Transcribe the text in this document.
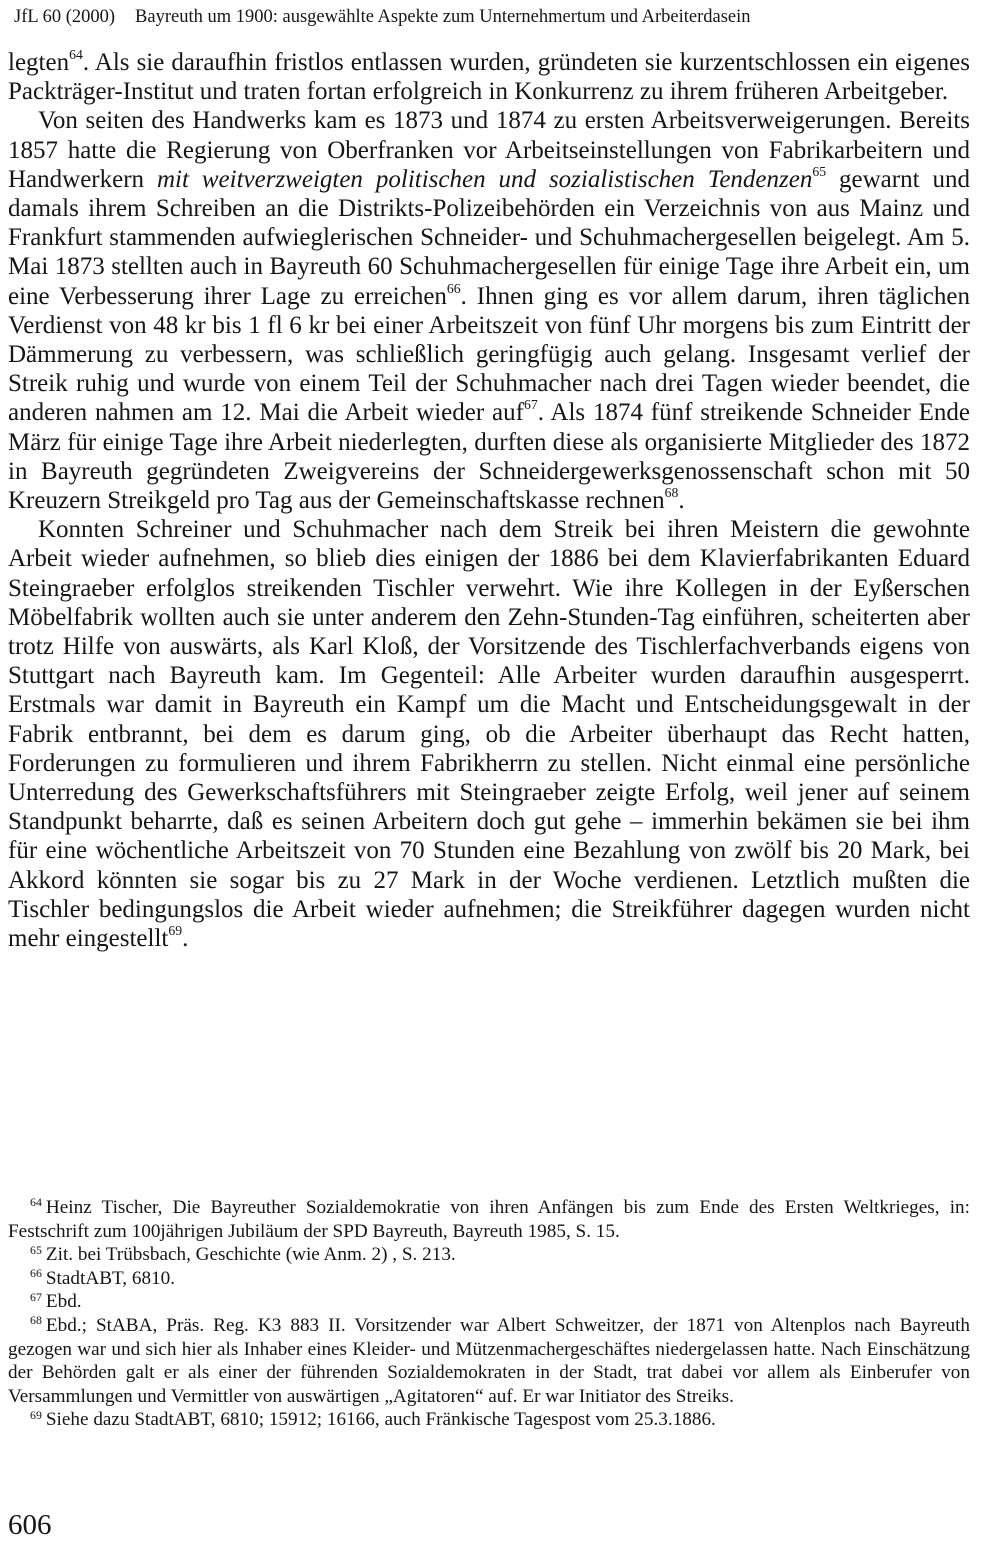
JfL 60 (2000) Bayreuth um 1900: ausgewählte Aspekte zum Unternehmertum und Arbeiterdasein

legten$^{64}$. Als sie daraufhin fristlos entlassen wurden, gründeten sie kurzentschlossen ein eigenes Packträger-Institut und traten fortan erfolgreich in Konkurrenz zu ihrem früheren Arbeitgeber.

Von seiten des Handwerks kam es 1873 und 1874 zu ersten Arbeitsverweigerungen. Bereits 1857 hatte die Regierung von Oberfranken vor Arbeitseinstellungen von Fabrikarbeitern und Handwerkern mit weitverzweigten politischen und sozialistischen Tendenzen$^{65}$ gewarnt und damals ihrem Schreiben an die Distrikts-Polizeibehörden ein Verzeichnis von aus Mainz und Frankfurt stammenden aufwieglerischen Schneider- und Schuhmachergesellen beigelegt. Am 5. Mai 1873 stellten auch in Bayreuth 60 Schuhmachergesellen für einige Tage ihre Arbeit ein, um eine Verbesserung ihrer Lage zu erreichen$^{66}$. Ihnen ging es vor allem darum, ihren täglichen Verdienst von 48 kr bis 1 fl 6 kr bei einer Arbeitszeit von fünf Uhr morgens bis zum Eintritt der Dämmerung zu verbessern, was schließlich geringfügig auch gelang. Insgesamt verlief der Streik ruhig und wurde von einem Teil der Schuhmacher nach drei Tagen wieder beendet, die anderen nahmen am 12. Mai die Arbeit wieder auf$^{67}$. Als 1874 fünf streikende Schneider Ende März für einige Tage ihre Arbeit niederlegten, durften diese als organisierte Mitglieder des 1872 in Bayreuth gegründeten Zweigvereins der Schneidergewerksgenossenschaft schon mit 50 Kreuzern Streikgeld pro Tag aus der Gemeinschaftskasse rechnen$^{68}$.

Konnten Schreiner und Schuhmacher nach dem Streik bei ihren Meistern die gewohnte Arbeit wieder aufnehmen, so blieb dies einigen der 1886 bei dem Klavierfabrikanten Eduard Steingraeber erfolglos streikenden Tischler verwehrt. Wie ihre Kollegen in der Eyßerschen Möbelfabrik wollten auch sie unter anderem den Zehn-Stunden-Tag einführen, scheiterten aber trotz Hilfe von auswärts, als Karl Kloß, der Vorsitzende des Tischlerfachverbands eigens von Stuttgart nach Bayreuth kam. Im Gegenteil: Alle Arbeiter wurden daraufhin ausgesperrt. Erstmals war damit in Bayreuth ein Kampf um die Macht und Entscheidungsgewalt in der Fabrik entbrannt, bei dem es darum ging, ob die Arbeiter überhaupt das Recht hatten, Forderungen zu formulieren und ihrem Fabrikherrn zu stellen. Nicht einmal eine persönliche Unterredung des Gewerkschaftsführers mit Steingraeber zeigte Erfolg, weil jener auf seinem Standpunkt beharrte, daß es seinen Arbeitern doch gut gehe – immerhin bekämen sie bei ihm für eine wöchentliche Arbeitszeit von 70 Stunden eine Bezahlung von zwölf bis 20 Mark, bei Akkord könnten sie sogar bis zu 27 Mark in der Woche verdienen. Letztlich mußten die Tischler bedingungslos die Arbeit wieder aufnehmen; die Streikführer dagegen wurden nicht mehr eingestellt$^{69}$.

$^{64}$ Heinz Tischer, Die Bayreuther Sozialdemokratie von ihren Anfängen bis zum Ende des Ersten Weltkrieges, in: Festschrift zum 100jährigen Jubiläum der SPD Bayreuth, Bayreuth 1985, S. 15.

$^{65}$ Zit. bei Trübsbach, Geschichte (wie Anm. 2) , S. 213.

$^{66}$ StadtABT, 6810.

$^{67}$ Ebd.

$^{68}$ Ebd.; StABA, Präs. Reg. K3 883 II. Vorsitzender war Albert Schweitzer, der 1871 von Altenplos nach Bayreuth gezogen war und sich hier als Inhaber eines Kleider- und Mützenmachergeschäftes niedergelassen hatte. Nach Einschätzung der Behörden galt er als einer der führenden Sozialdemokraten in der Stadt, trat dabei vor allem als Einberufer von Versammlungen und Vermittler von auswärtigen „Agitatoren“ auf. Er war Initiator des Streiks.

$^{69}$ Siehe dazu StadtABT, 6810; 15912; 16166, auch Fränkische Tagespost vom 25.3.1886.

606
